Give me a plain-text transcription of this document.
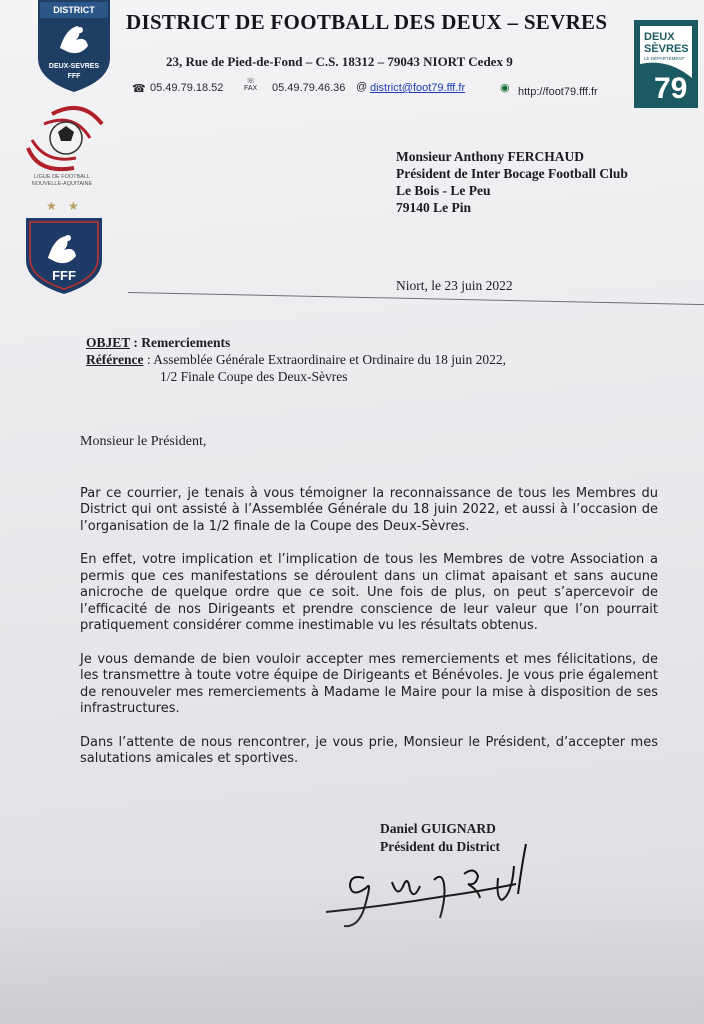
DISTRICT
DEUX-SEVRES
FFF
LIGUE DE FOOTBALL
NOUVELLE-AQUITAINE
★ ★
FFF
DEUX
SÈVRES
LE DÉPARTEMENT
79
DISTRICT DE FOOTBALL DES DEUX – SEVRES
23, Rue de Pied-de-Fond – C.S. 18312 – 79043 NIORT Cedex 9
☎ 05.49.79.18.52
☏
FAX 05.49.79.46.36 @ district@foot79.fff.fr	◉ http://foot79.fff.fr
Monsieur Anthony FERCHAUD
Président de Inter Bocage Football Club
Le Bois - Le Peu
79140 Le Pin
Niort, le 23 juin 2022
OBJET : Remerciements
Référence : Assemblée Générale Extraordinaire et Ordinaire du 18 juin 2022,
1/2 Finale Coupe des Deux-Sèvres

Monsieur le Président,

Par ce courrier, je tenais à vous témoigner la reconnaissance de tous les Membres du District qui ont assisté à l’Assemblée Générale du 18 juin 2022, et aussi à l’occasion de l’organisation de la 1/2 finale de la Coupe des Deux-Sèvres.

En effet, votre implication et l’implication de tous les Membres de votre Association a permis que ces manifestations se déroulent dans un climat apaisant et sans aucune anicroche de quelque ordre que ce soit. Une fois de plus, on peut s’apercevoir de l’efficacité de nos Dirigeants et prendre conscience de leur valeur que l’on pourrait pratiquement considérer comme inestimable vu les résultats obtenus.

Je vous demande de bien vouloir accepter mes remerciements et mes félicitations, de les transmettre à toute votre équipe de Dirigeants et Bénévoles. Je vous prie également de renouveler mes remerciements à Madame le Maire pour la mise à disposition de ses infrastructures.

Dans l’attente de nous rencontrer, je vous prie, Monsieur le Président, d’accepter mes salutations amicales et sportives.

Daniel GUIGNARD
Président du District
